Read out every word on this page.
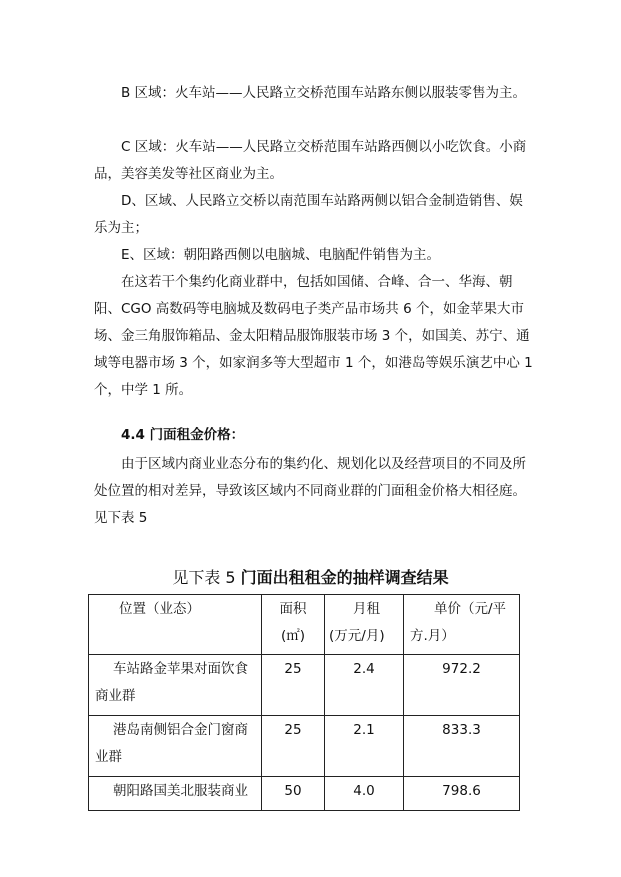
B 区域：火车站——人民路立交桥范围车站路东侧以服装零售为主。

C 区域：火车站——人民路立交桥范围车站路西侧以小吃饮食。小商品，美容美发等社区商业为主。

D、区域、人民路立交桥以南范围车站路两侧以铝合金制造销售、娱乐为主；

E、区域：朝阳路西侧以电脑城、电脑配件销售为主。

在这若干个集约化商业群中，包括如国储、合峰、合一、华海、朝阳、CGO 高数码等电脑城及数码电子类产品市场共 6 个，如金苹果大市场、金三角服饰箱品、金太阳精品服饰服装市场 3 个，如国美、苏宁、通域等电器市场 3 个，如家润多等大型超市 1 个，如港岛等娱乐演艺中心 1 个，中学 1 所。

4.4 门面租金价格：

由于区域内商业业态分布的集约化、规划化以及经营项目的不同及所处位置的相对差异，导致该区域内不同商业群的门面租金价格大相径庭。见下表 5

见下表 5 门面出租租金的抽样调查结果

位置（业态）	面积(㎡)	月租(万元/月)	单价（元/平方.月）
车站路金苹果对面饮食商业群	25	2.4	972.2
港岛南侧铝合金门窗商业群	25	2.1	833.3
朝阳路国美北服装商业	50	4.0	798.6
